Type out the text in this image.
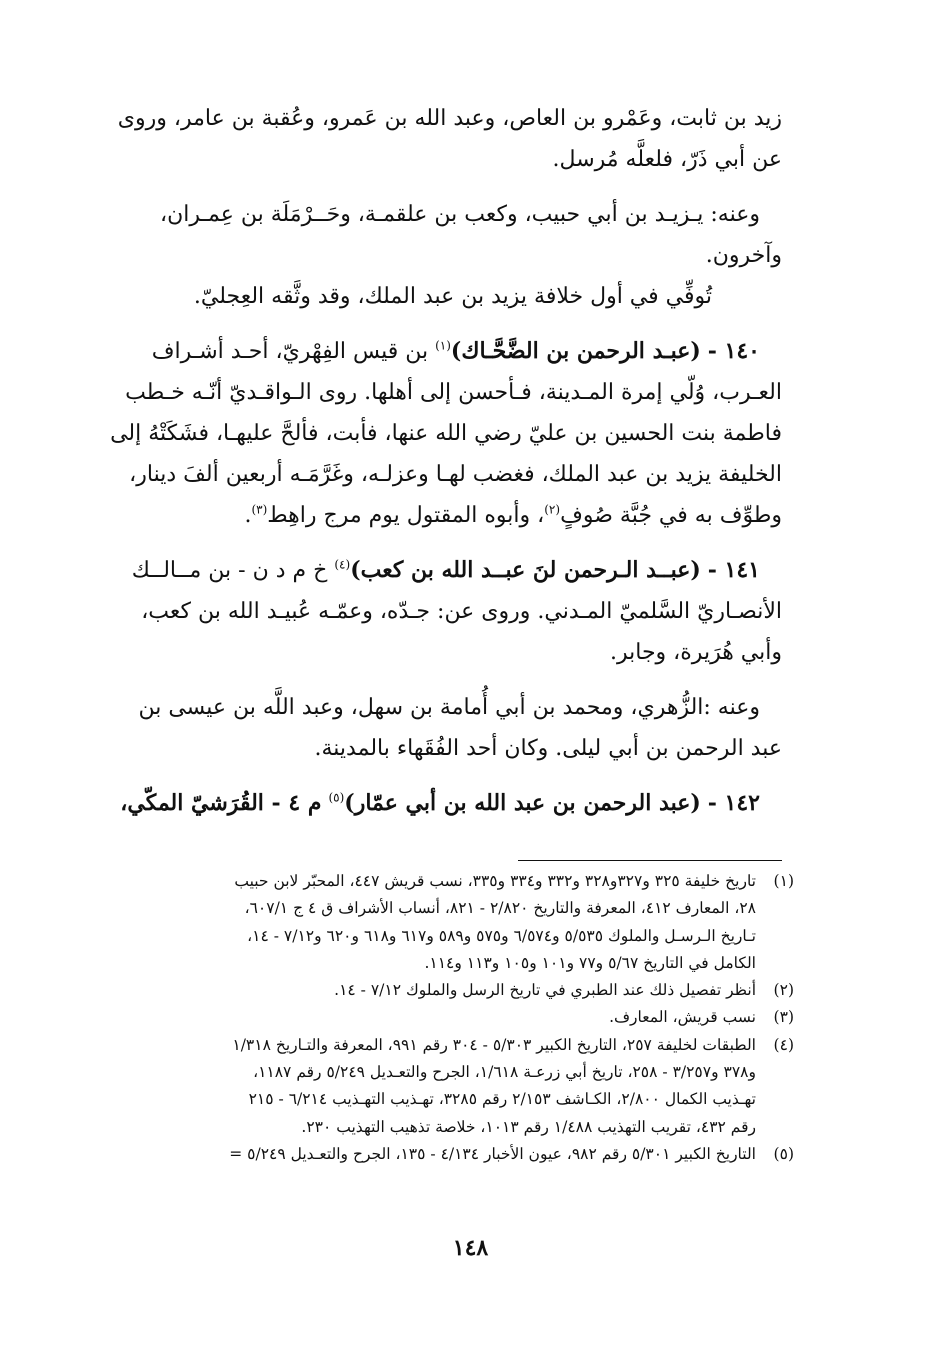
زيد بن ثابت، وعَمْرو بن العاص، وعبد الله بن عَمرو، وعُقبة بن عامر، وروى

عن أبي ذَرّ، فلعلَّه مُرسل.

وعنه: يـزيـد بن أبي حبيب، وكعب بن علقمـة، وحَــرْمَلَة بن عِمـران،

وآخرون.

تُوفِّي في أول خلافة يزيد بن عبد الملك، وقد وثَّقه العِجليّ.

١٤٠ - (عبـد الرحمن بن الضَّحَّـاك)$^{(١)}$ بن قيس الفِهْريّ، أحـد أشـراف

العـرب، وُلّي إمرة المـدينة، فـأحسن إلى أهلها. روى الـواقـديّ أنّـه خـطب

فاطمة بنت الحسين بن عليّ رضي الله عنها، فأبت، فألحَّ عليهـا، فشَكَتْهُ إلى

الخليفة يزيد بن عبد الملك، فغضب لهـا وعزلـه، وغَرَّمَـه أربعين ألفَ دينار،

وطوِّف به في جُبَّة صُوفٍ$^{(٢)}$، وأبوه المقتول يوم مرج راهِط$^{(٣)}$.

١٤١ - (عبــد الـرحمن لنَ عبــد الله بن كعب)$^{(٤)}$ خ م د ن - بن مــالــك

الأنصـاريّ السَّلميّ المـدني. وروى عن: جـدّه، وعمّـه عُبيـد الله بن كعب،

وأبي هُرَيرة، وجابر.

وعنه :الزُّهري، ومحمد بن أبي أُمامة بن سهل، وعبد اللَّه بن عيسى بن

عبد الرحمن بن أبي ليلى. وكان أحد الفُقَهاء بالمدينة.

١٤٢ - (عبد الرحمن بن عبد الله بن أبي عمّار)$^{(٥)}$ م ٤ - القُرَشيّ المكّي،

(١)
تاريخ خليفة ٣٢٥ و٣٢٧و٣٢٨ و٣٣٢ و٣٣٤ و٣٣٥، نسب قريش ٤٤٧، المحبّر لابن حبيب
٢٨، المعارف ٤١٢، المعرفة والتاريخ ٢/٨٢٠ - ٨٢١، أنساب الأشراف ق ٤ ج ٦٠٧/١،
تـاريخ الـرسـل والملوك ٥/٥٣٥ و٦/٥٧٤ و٥٧٥ و٥٨٩ و٦١٧ و٦١٨ و٦٢٠ و٧/١٢ - ١٤،
الكامل في التاريخ ٥/٦٧ و٧٧ و١٠١ و١٠٥ و١١٣ و١١٤.
(٢)
أنظر تفصيل ذلك عند الطبري في تاريخ الرسل والملوك ٧/١٢ - ١٤.
(٣)
نسب قريش، المعارف.
(٤)
الطبقات لخليفة ٢٥٧، التاريخ الكبير ٥/٣٠٣ - ٣٠٤ رقم ٩٩١، المعرفة والتـاريخ ١/٣١٨
و٣٧٨ و٣/٢٥٧ - ٢٥٨، تاريخ أبي زرعـة ١/٦١٨، الجرح والتعـديل ٥/٢٤٩ رقم ١١٨٧،
تهـذيب الكمال ٢/٨٠٠، الكـاشف ٢/١٥٣ رقم ٣٢٨٥، تهـذيب التهـذيب ٦/٢١٤ - ٢١٥
رقم ٤٣٢، تقريب التهذيب ١/٤٨٨ رقم ١٠١٣، خلاصة تذهيب التهذيب ٢٣٠.
(٥)
التاريخ الكبير ٥/٣٠١ رقم ٩٨٢، عيون الأخبار ٤/١٣٤ - ١٣٥، الجرح والتعـديل ٥/٢٤٩ =
١٤٨
